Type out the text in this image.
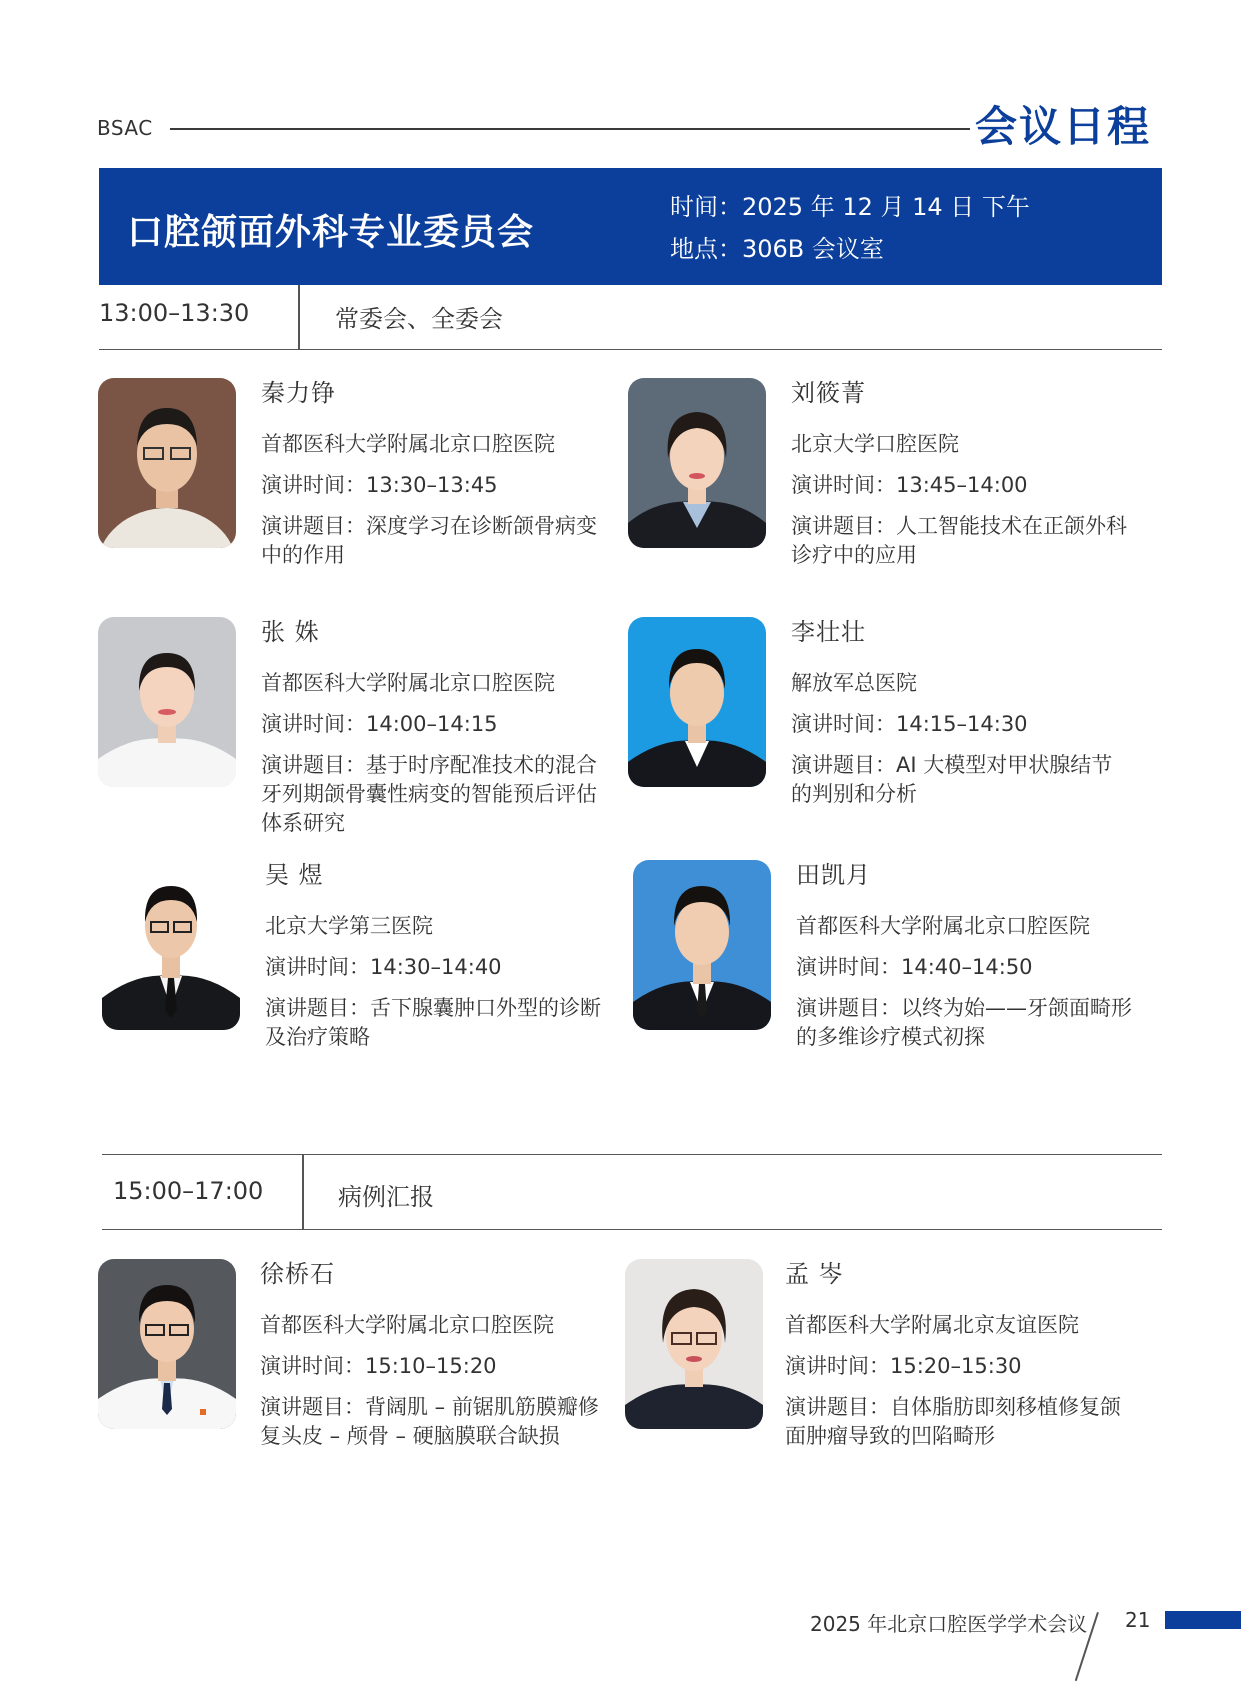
BSAC	会议日程
口腔颌面外科专业委员会
时间：2025 年 12 月 14 日 下午
地点：306B 会议室
13:00–13:30	常委会、全委会
秦力铮
首都医科大学附属北京口腔医院
演讲时间：13:30–13:45
演讲题目：深度学习在诊断颌骨病变中的作用
刘筱菁
北京大学口腔医院
演讲时间：13:45–14:00
演讲题目：人工智能技术在正颌外科诊疗中的应用
张 姝
首都医科大学附属北京口腔医院
演讲时间：14:00–14:15
演讲题目：基于时序配准技术的混合牙列期颌骨囊性病变的智能预后评估体系研究
李壮壮
解放军总医院
演讲时间：14:15–14:30
演讲题目：AI 大模型对甲状腺结节的判别和分析
吴 煜
北京大学第三医院
演讲时间：14:30–14:40
演讲题目：舌下腺囊肿口外型的诊断及治疗策略
田凯月
首都医科大学附属北京口腔医院
演讲时间：14:40–14:50
演讲题目：以终为始——牙颌面畸形的多维诊疗模式初探
15:00–17:00	病例汇报
徐桥石
首都医科大学附属北京口腔医院
演讲时间：15:10–15:20
演讲题目：背阔肌 – 前锯肌筋膜瓣修复头皮 – 颅骨 – 硬脑膜联合缺损
孟 岑
首都医科大学附属北京友谊医院
演讲时间：15:20–15:30
演讲题目：自体脂肪即刻移植修复颌面肿瘤导致的凹陷畸形
2025 年北京口腔医学学术会议 21
